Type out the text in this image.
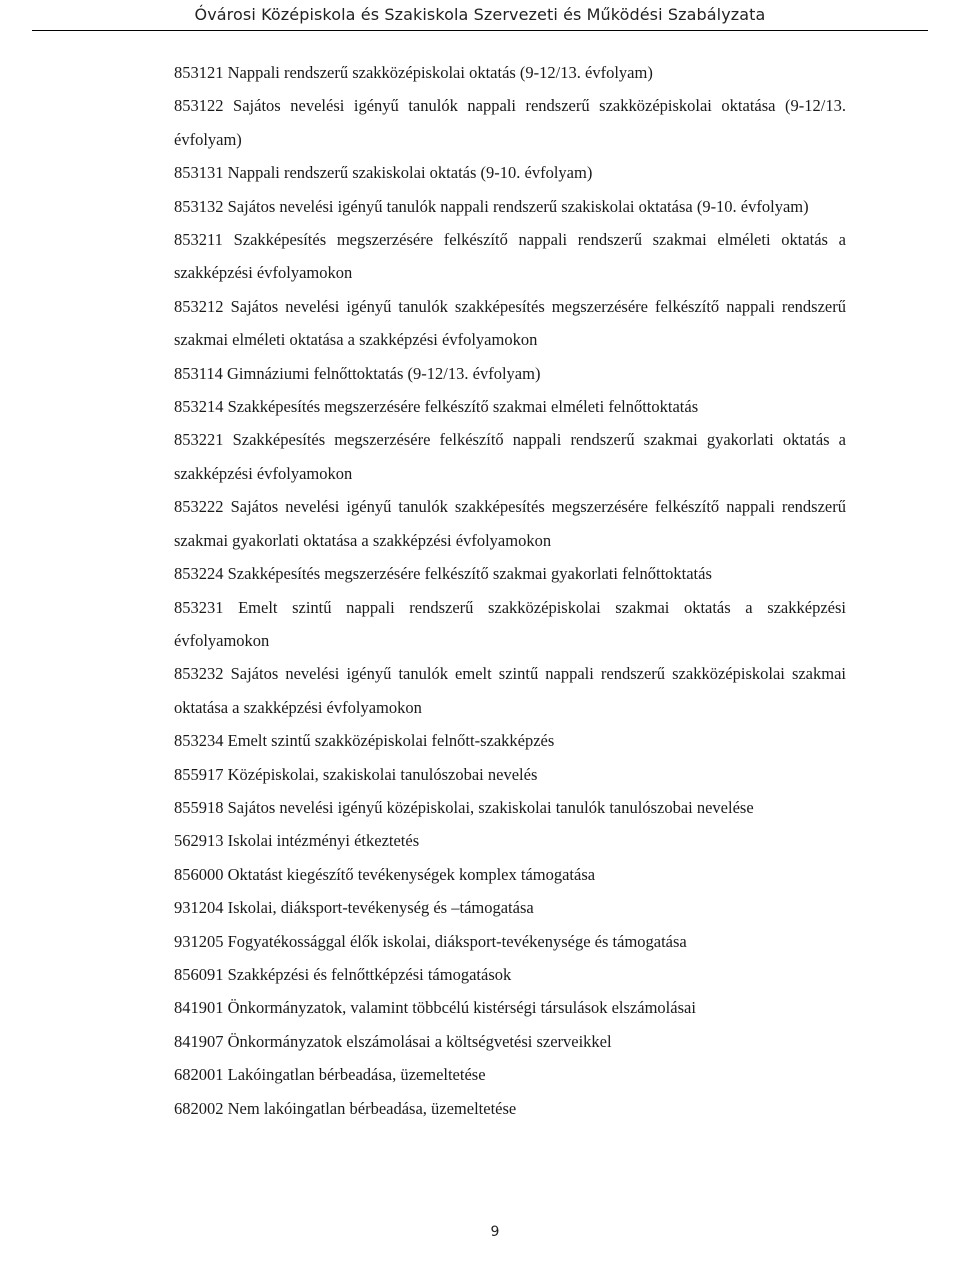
Óvárosi Középiskola és Szakiskola Szervezeti és Működési Szabályzata

853121 Nappali rendszerű szakközépiskolai oktatás (9-12/13. évfolyam)

853122 Sajátos nevelési igényű tanulók nappali rendszerű szakközépiskolai oktatása (9-12/13. évfolyam)

853131 Nappali rendszerű szakiskolai oktatás (9-10. évfolyam)

853132 Sajátos nevelési igényű tanulók nappali rendszerű szakiskolai oktatása (9-10. évfolyam)

853211 Szakképesítés megszerzésére felkészítő nappali rendszerű szakmai elméleti oktatás a szakképzési évfolyamokon

853212 Sajátos nevelési igényű tanulók szakképesítés megszerzésére felkészítő nappali rendszerű szakmai elméleti oktatása a szakképzési évfolyamokon

853114 Gimnáziumi felnőttoktatás (9-12/13. évfolyam)

853214 Szakképesítés megszerzésére felkészítő szakmai elméleti felnőttoktatás

853221 Szakképesítés megszerzésére felkészítő nappali rendszerű szakmai gyakorlati oktatás a szakképzési évfolyamokon

853222 Sajátos nevelési igényű tanulók szakképesítés megszerzésére felkészítő nappali rendszerű szakmai gyakorlati oktatása a szakképzési évfolyamokon

853224 Szakképesítés megszerzésére felkészítő szakmai gyakorlati felnőttoktatás

853231 Emelt szintű nappali rendszerű szakközépiskolai szakmai oktatás a szakképzési évfolyamokon

853232 Sajátos nevelési igényű tanulók emelt szintű nappali rendszerű szakközépiskolai szakmai oktatása a szakképzési évfolyamokon

853234 Emelt szintű szakközépiskolai felnőtt-szakképzés

855917 Középiskolai, szakiskolai tanulószobai nevelés

855918 Sajátos nevelési igényű középiskolai, szakiskolai tanulók tanulószobai nevelése

562913 Iskolai intézményi étkeztetés

856000 Oktatást kiegészítő tevékenységek komplex támogatása

931204 Iskolai, diáksport-tevékenység és –támogatása

931205 Fogyatékossággal élők iskolai, diáksport-tevékenysége és támogatása

856091 Szakképzési és felnőttképzési támogatások

841901 Önkormányzatok, valamint többcélú kistérségi társulások elszámolásai

841907 Önkormányzatok elszámolásai a költségvetési szerveikkel

682001 Lakóingatlan bérbeadása, üzemeltetése

682002 Nem lakóingatlan bérbeadása, üzemeltetése

9
